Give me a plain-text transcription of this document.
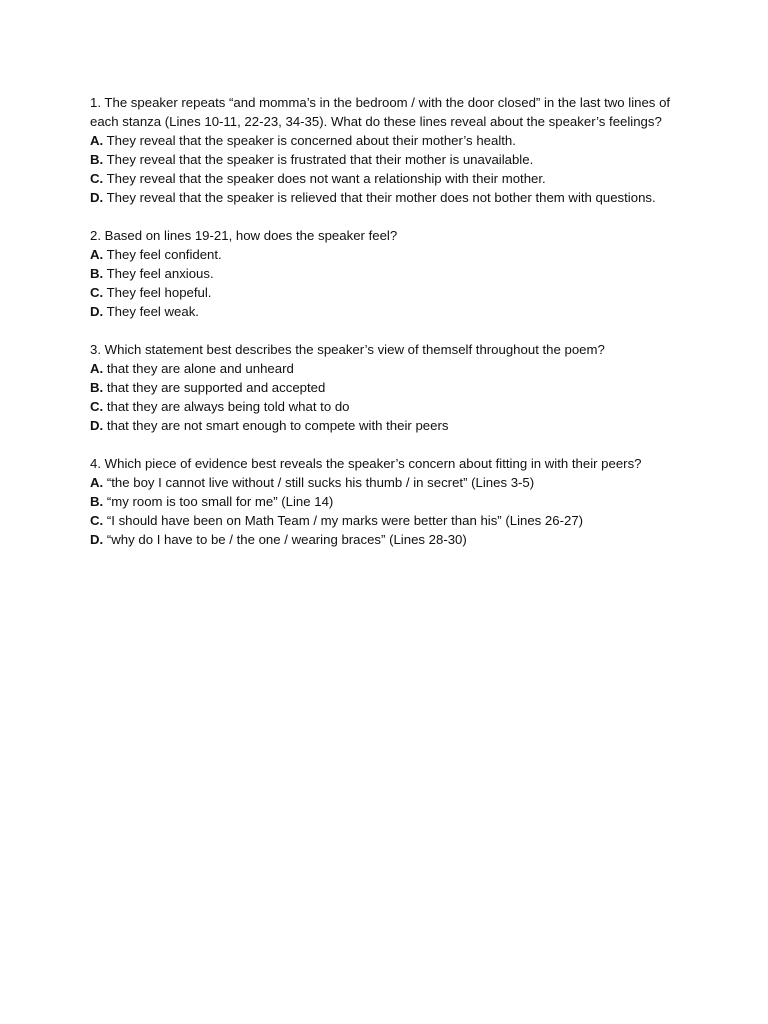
1. The speaker repeats “and momma’s in the bedroom / with the door closed” in the last two lines of each stanza (Lines 10-11, 22-23, 34-35). What do these lines reveal about the speaker’s feelings?

A. They reveal that the speaker is concerned about their mother’s health.
B. They reveal that the speaker is frustrated that their mother is unavailable.
C. They reveal that the speaker does not want a relationship with their mother.
D. They reveal that the speaker is relieved that their mother does not bother them with questions.

2. Based on lines 19-21, how does the speaker feel?

A. They feel confident.
B. They feel anxious.
C. They feel hopeful.
D. They feel weak.

3. Which statement best describes the speaker’s view of themself throughout the poem?

A. that they are alone and unheard
B. that they are supported and accepted
C. that they are always being told what to do
D. that they are not smart enough to compete with their peers

4. Which piece of evidence best reveals the speaker’s concern about fitting in with their peers?

A. “the boy I cannot live without / still sucks his thumb / in secret” (Lines 3-5)
B. “my room is too small for me” (Line 14)
C. “I should have been on Math Team / my marks were better than his” (Lines 26-27)
D. “why do I have to be / the one / wearing braces” (Lines 28-30)
